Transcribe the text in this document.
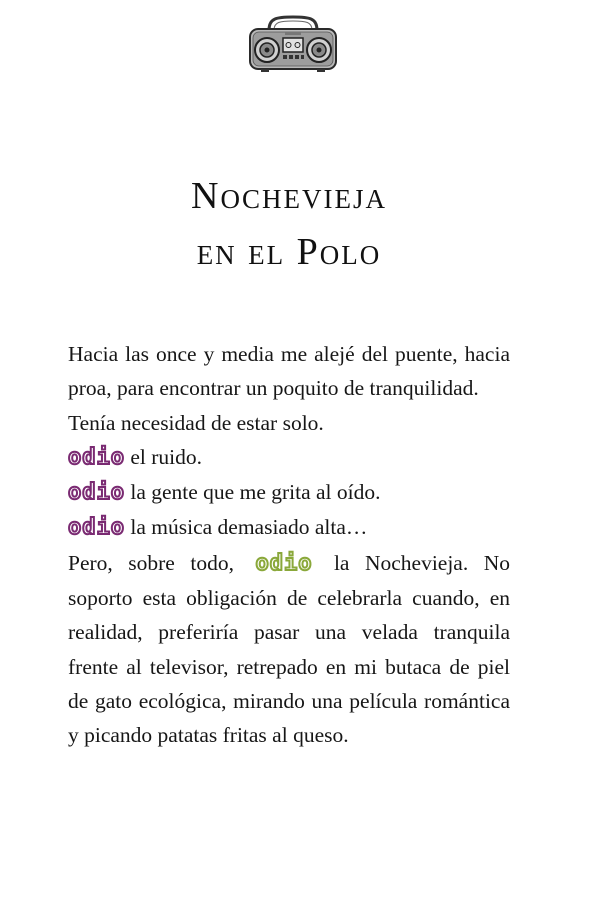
Nochevieja
en el Polo

Hacia las once y media me alejé del puente, hacia proa, para encontrar un poquito de tranquilidad.

Tenía necesidad de estar solo.

odio el ruido.

odio la gente que me grita al oído.

odio la música demasiado alta…

Pero, sobre todo, odio la Nochevieja. No soporto esta obligación de celebrarla cuando, en realidad, preferiría pasar una velada tranquila frente al televisor, retrepado en mi butaca de piel de gato ecológica, mirando una película romántica y picando patatas fritas al queso.
